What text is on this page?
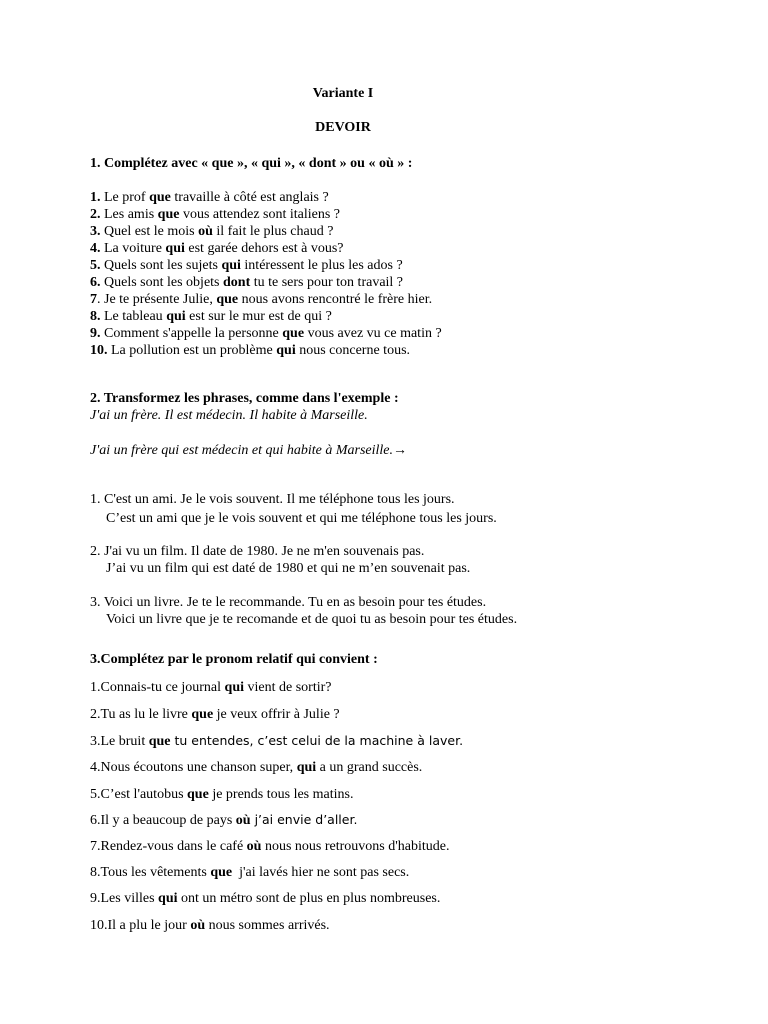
Variante I
DEVOIR
1. Complétez avec « que », « qui », « dont » ou « où » :
1. Le prof que travaille à côté est anglais ?
2. Les amis que vous attendez sont italiens ?
3. Quel est le mois où il fait le plus chaud ?
4. La voiture qui est garée dehors est à vous?
5. Quels sont les sujets qui intéressent le plus les ados ?
6. Quels sont les objets dont tu te sers pour ton travail ?
7. Je te présente Julie, que nous avons rencontré le frère hier.
8. Le tableau qui est sur le mur est de qui ?
9. Comment s'appelle la personne que vous avez vu ce matin ?
10. La pollution est un problème qui nous concerne tous.
2. Transformez les phrases, comme dans l'exemple :
J'ai un frère. Il est médecin. Il habite à Marseille.
J'ai un frère qui est médecin et qui habite à Marseille.→
1. C'est un ami. Je le vois souvent. Il me téléphone tous les jours.
C’est un ami que je le vois souvent et qui me téléphone tous les jours.
2. J'ai vu un film. Il date de 1980. Je ne m'en souvenais pas.
J’ai vu un film qui est daté de 1980 et qui ne m’en souvenait pas.
3. Voici un livre. Je te le recommande. Tu en as besoin pour tes études.
Voici un livre que je te recomande et de quoi tu as besoin pour tes études.
3.Complétez par le pronom relatif qui convient :
1.Connais-tu ce journal qui vient de sortir?
2.Tu as lu le livre que je veux offrir à Julie ?
3.Le bruit que tu entendes, c’est celui de la machine à laver.
4.Nous écoutons une chanson super, qui a un grand succès.
5.C’est l'autobus que je prends tous les matins.
6.Il y a beaucoup de pays où j’ai envie d’aller.
7.Rendez-vous dans le café où nous nous retrouvons d'habitude.
8.Tous les vêtements que  j'ai lavés hier ne sont pas secs.
9.Les villes qui ont un métro sont de plus en plus nombreuses.
10.Il a plu le jour où nous sommes arrivés.
